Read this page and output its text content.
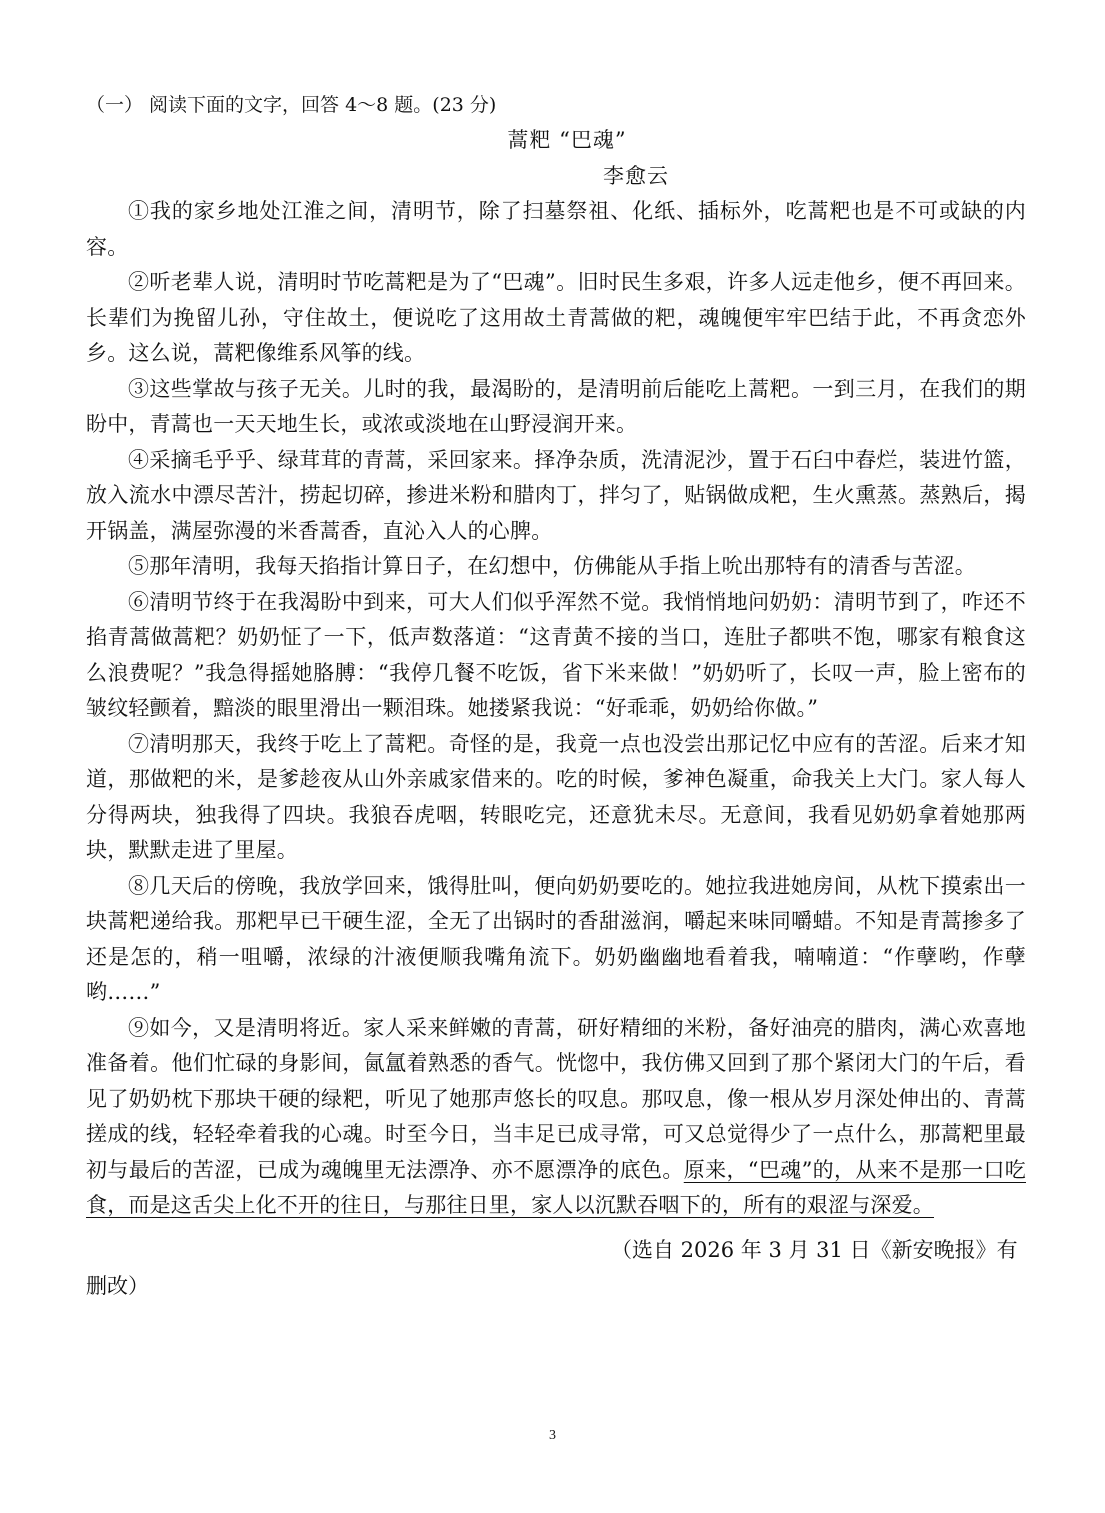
（一） 阅读下面的文字，回答 4～8 题。(23 分)

蒿粑 “巴魂”

李愈云

①我的家乡地处江淮之间，清明节，除了扫墓祭祖、化纸、插标外，吃蒿粑也是不可或缺的内容。

②听老辈人说，清明时节吃蒿粑是为了“巴魂”。旧时民生多艰，许多人远走他乡，便不再回来。长辈们为挽留儿孙，守住故土，便说吃了这用故土青蒿做的粑，魂魄便牢牢巴结于此，不再贪恋外乡。这么说，蒿粑像维系风筝的线。

③这些掌故与孩子无关。儿时的我，最渴盼的，是清明前后能吃上蒿粑。一到三月，在我们的期盼中，青蒿也一天天地生长，或浓或淡地在山野浸润开来。

④采摘毛乎乎、绿茸茸的青蒿，采回家来。择净杂质，洗清泥沙，置于石臼中舂烂，装进竹篮，放入流水中漂尽苦汁，捞起切碎，掺进米粉和腊肉丁，拌匀了，贴锅做成粑，生火熏蒸。蒸熟后，揭开锅盖，满屋弥漫的米香蒿香，直沁入人的心脾。

⑤那年清明，我每天掐指计算日子，在幻想中，仿佛能从手指上吮出那特有的清香与苦涩。

⑥清明节终于在我渴盼中到来，可大人们似乎浑然不觉。我悄悄地问奶奶：清明节到了，咋还不掐青蒿做蒿粑？奶奶怔了一下，低声数落道：“这青黄不接的当口，连肚子都哄不饱，哪家有粮食这么浪费呢？”我急得摇她胳膊：“我停几餐不吃饭，省下米来做！”奶奶听了，长叹一声，脸上密布的皱纹轻颤着，黯淡的眼里滑出一颗泪珠。她搂紧我说：“好乖乖，奶奶给你做。”

⑦清明那天，我终于吃上了蒿粑。奇怪的是，我竟一点也没尝出那记忆中应有的苦涩。后来才知道，那做粑的米，是爹趁夜从山外亲戚家借来的。吃的时候，爹神色凝重，命我关上大门。家人每人分得两块，独我得了四块。我狼吞虎咽，转眼吃完，还意犹未尽。无意间，我看见奶奶拿着她那两块，默默走进了里屋。

⑧几天后的傍晚，我放学回来，饿得肚叫，便向奶奶要吃的。她拉我进她房间，从枕下摸索出一块蒿粑递给我。那粑早已干硬生涩，全无了出锅时的香甜滋润，嚼起来味同嚼蜡。不知是青蒿掺多了还是怎的，稍一咀嚼，浓绿的汁液便顺我嘴角流下。奶奶幽幽地看着我，喃喃道：“作孽哟，作孽哟……”

⑨如今，又是清明将近。家人采来鲜嫩的青蒿，研好精细的米粉，备好油亮的腊肉，满心欢喜地准备着。他们忙碌的身影间，氤氲着熟悉的香气。恍惚中，我仿佛又回到了那个紧闭大门的午后，看见了奶奶枕下那块干硬的绿粑，听见了她那声悠长的叹息。那叹息，像一根从岁月深处伸出的、青蒿搓成的线，轻轻牵着我的心魂。时至今日，当丰足已成寻常，可又总觉得少了一点什么，那蒿粑里最初与最后的苦涩，已成为魂魄里无法漂净、亦不愿漂净的底色。原来，“巴魂”的，从来不是那一口吃食，而是这舌尖上化不开的往日，与那往日里，家人以沉默吞咽下的，所有的艰涩与深爱。

（选自 2026 年 3 月 31 日《新安晚报》有删改）

3
